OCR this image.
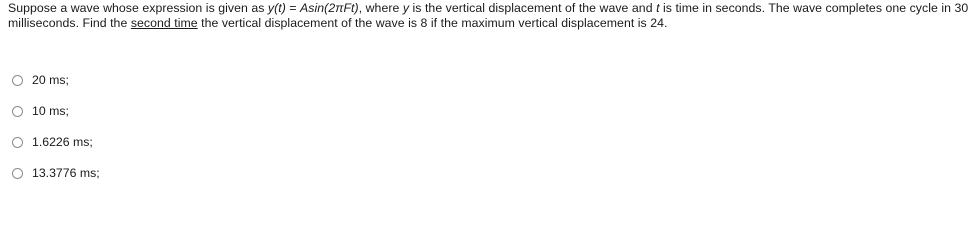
Suppose a wave whose expression is given as y(t) = Asin(2πFt), where y is the vertical displacement of the wave and t is time in seconds. The wave completes one cycle in 30 milliseconds. Find the second time the vertical displacement of the wave is 8 if the maximum vertical displacement is 24.
20 ms;
10 ms;
1.6226 ms;
13.3776 ms;
